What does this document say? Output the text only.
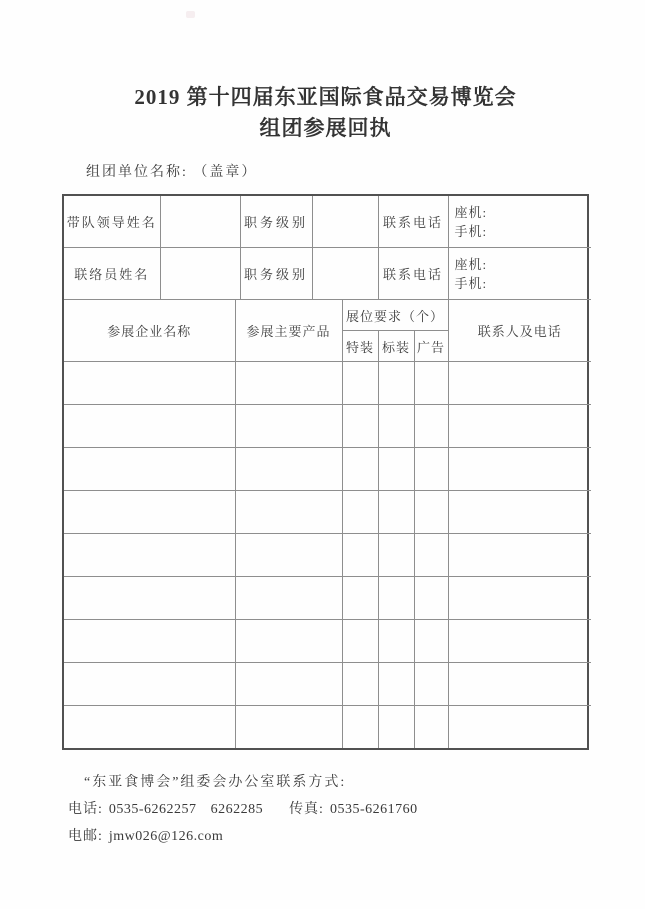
2019 第十四届东亚国际食品交易博览会
组团参展回执
组团单位名称: （盖章）
带队领导姓名		职务级别		联系电话	座机:
手机:

联络员姓名		职务级别		联系电话	座机:
手机:
参展企业名称	参展主要产品	展位要求（个）			联系人及电话
		特装	标装	广告	

“东亚食博会”组委会办公室联系方式:
电话: 0535-6262257 6262285 传真: 0535-6261760
电邮: jmw026@126.com
